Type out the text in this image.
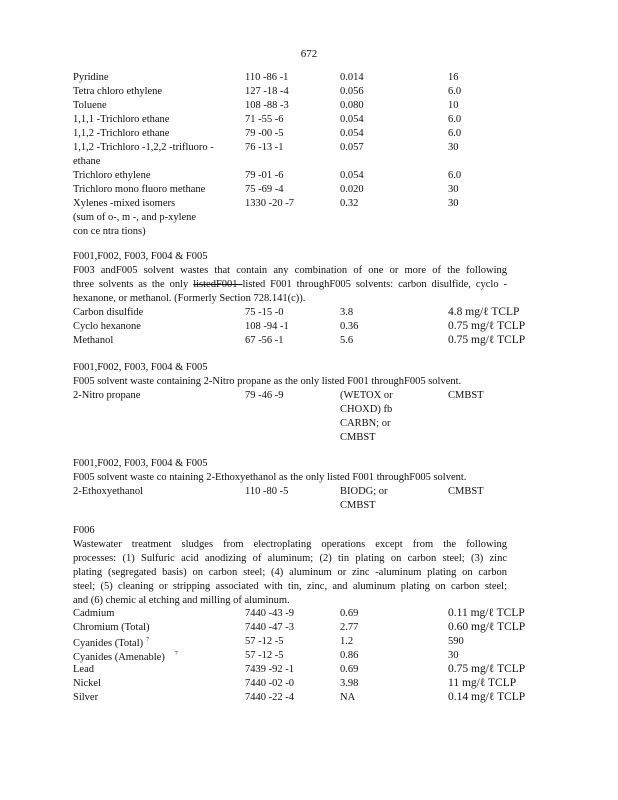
672
Pyridine	110 -86 -1	0.014	16
Tetra chloro ethylene	127 -18 -4	0.056	6.0
Toluene	108 -88 -3	0.080	10
1,1,1 -Trichloro ethane	71 -55 -6	0.054	6.0
1,1,2 -Trichloro ethane	79 -00 -5	0.054	6.0
1,1,2 -Trichloro -1,2,2 -trifluoro -	76 -13 -1	0.057	30
ethane
Trichloro ethylene	79 -01 -6	0.054	6.0
Trichloro mono fluoro methane	75 -69 -4	0.020	30
Xylenes -mixed isomers	1330 -20 -7	0.32	30
(sum of o-, m -, and p-xylene
con ce ntra tions)
F001,F002, F003, F004 & F005
F003 andF005 solvent wastes that contain any combination of one or more of the following
three solvents as the only listedF001 listed F001 throughF005 solvents: carbon disulfide, cyclo -
hexanone, or methanol. (Formerly Section 728.141(c)).
Carbon disulfide	75 -15 -0	3.8	4.8 mg/ℓ TCLP
Cyclo hexanone	108 -94 -1	0.36	0.75 mg/ℓ TCLP
Methanol	67 -56 -1	5.6	0.75 mg/ℓ TCLP
F001,F002, F003, F004 & F005
F005 solvent waste containing 2-Nitro propane as the only listed F001 throughF005 solvent.
2-Nitro propane	79 -46 -9	(WETOX or	CMBST
CHOXD) fb
CARBN; or
CMBST
F001,F002, F003, F004 & F005
F005 solvent waste co ntaining 2-Ethoxyethanol as the only listed F001 throughF005 solvent.
2-Ethoxyethanol	110 -80 -5	BIODG; or	CMBST
CMBST
F006
Wastewater treatment sludges from electroplating operations except from the following
processes: (1) Sulfuric acid anodizing of aluminum; (2) tin plating on carbon steel; (3) zinc
plating (segregated basis) on carbon steel; (4) aluminum or zinc -aluminum plating on carbon
steel; (5) cleaning or stripping associated with tin, zinc, and aluminum plating on carbon steel;
and (6) chemic al etching and milling of aluminum.
Cadmium	7440 -43 -9	0.69	0.11 mg/ℓ TCLP
Chromium (Total)	7440 -47 -3	2.77	0.60 mg/ℓ TCLP
Cyanides (Total) $^7$	57 -12 -5	1.2	590
Cyanides (Amenable) $^7$	57 -12 -5	0.86	30
Lead	7439 -92 -1	0.69	0.75 mg/ℓ TCLP
Nickel	7440 -02 -0	3.98	11 mg/ℓ TCLP
Silver	7440 -22 -4	NA	0.14 mg/ℓ TCLP
